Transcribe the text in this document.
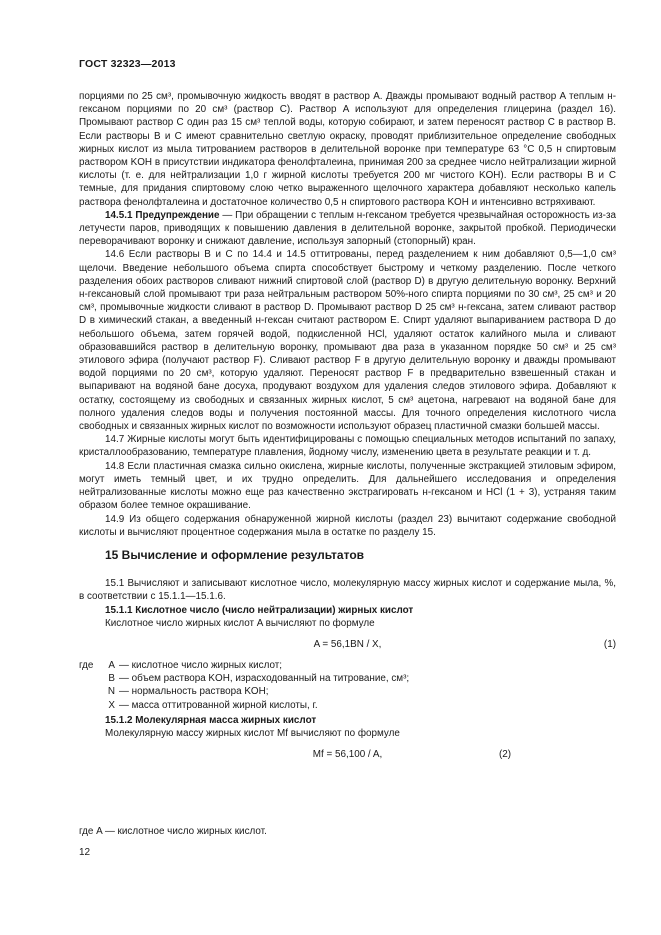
ГОСТ 32323—2013

порциями по 25 см³, промывочную жидкость вводят в раствор A. Дважды промывают водный раствор A теплым н-гексаном порциями по 20 см³ (раствор C). Раствор A используют для определения глицерина (раздел 16). Промывают раствор C один раз 15 см³ теплой воды, которую собирают, и затем переносят раствор C в раствор B. Если растворы B и C имеют сравнительно светлую окраску, проводят приблизительное определение свободных жирных кислот из мыла титрованием растворов в делительной воронке при температуре 63 °C 0,5 н спиртовым раствором KOH в присутствии индикатора фенолфталеина, принимая 200 за среднее число нейтрализации жирной кислоты (т. е. для нейтрализации 1,0 г жирной кислоты требуется 200 мг чистого KOH). Если растворы B и C темные, для придания спиртовому слою четко выраженного щелочного характера добавляют несколько капель раствора фенолфталеина и достаточное количество 0,5 н спиртового раствора KOH и интенсивно встряхивают.

14.5.1 Предупреждение — При обращении с теплым н-гексаном требуется чрезвычайная осторожность из-за летучести паров, приводящих к повышению давления в делительной воронке, закрытой пробкой. Периодически переворачивают воронку и снижают давление, используя запорный (стопорный) кран.

14.6 Если растворы B и C по 14.4 и 14.5 оттитрованы, перед разделением к ним добавляют 0,5—1,0 см³ щелочи. Введение небольшого объема спирта способствует быстрому и четкому разделению. После четкого разделения обоих растворов сливают нижний спиртовой слой (раствор D) в другую делительную воронку. Верхний н-гексановый слой промывают три раза нейтральным раствором 50%-ного спирта порциями по 30 см³, 25 см³ и 20 см³, промывочные жидкости сливают в раствор D. Промывают раствор D 25 см³ н-гексана, затем сливают раствор D в химический стакан, а введенный н-гексан считают раствором E. Спирт удаляют выпариванием раствора D до небольшого объема, затем горячей водой, подкисленной HCl, удаляют остаток калийного мыла и сливают образовавшийся раствор в делительную воронку, промывают два раза в указанном порядке 50 см³ и 25 см³ этилового эфира (получают раствор F). Сливают раствор F в другую делительную воронку и дважды промывают водой порциями по 20 см³, которую удаляют. Переносят раствор F в предварительно взвешенный стакан и выпаривают на водяной бане досуха, продувают воздухом для удаления следов этилового эфира. Добавляют к остатку, состоящему из свободных и связанных жирных кислот, 5 см³ ацетона, нагревают на водяной бане для полного удаления следов воды и получения постоянной массы. Для точного определения кислотного числа свободных и связанных жирных кислот по возможности используют образец пластичной смазки большей массы.

14.7 Жирные кислоты могут быть идентифицированы с помощью специальных методов испытаний по запаху, кристаллообразованию, температуре плавления, йодному числу, изменению цвета в результате реакции и т. д.

14.8 Если пластичная смазка сильно окислена, жирные кислоты, полученные экстракцией этиловым эфиром, могут иметь темный цвет, и их трудно определить. Для дальнейшего исследования и определения нейтрализованные кислоты можно еще раз качественно экстрагировать н-гексаном и HCl (1 + 3), устраняя таким образом более темное окрашивание.

14.9 Из общего содержания обнаруженной жирной кислоты (раздел 23) вычитают содержание свободной кислоты и вычисляют процентное содержания мыла в остатке по разделу 15.

15 Вычисление и оформление результатов

15.1 Вычисляют и записывают кислотное число, молекулярную массу жирных кислот и содержание мыла, %, в соответствии с 15.1.1—15.1.6.

15.1.1 Кислотное число (число нейтрализации) жирных кислот

Кислотное число жирных кислот A вычисляют по формуле

A = 56,1BN / X,	(1)
где	A — кислотное число жирных кислот;
B — объем раствора KOH, израсходованный на титрование, см³;
N — нормальность раствора KOH;
X — масса оттитрованной жирной кислоты, г.

15.1.2 Молекулярная масса жирных кислот

Молекулярную массу жирных кислот Mf вычисляют по формуле

Mf = 56,100 / A,	(2)
где A — кислотное число жирных кислот.
12
